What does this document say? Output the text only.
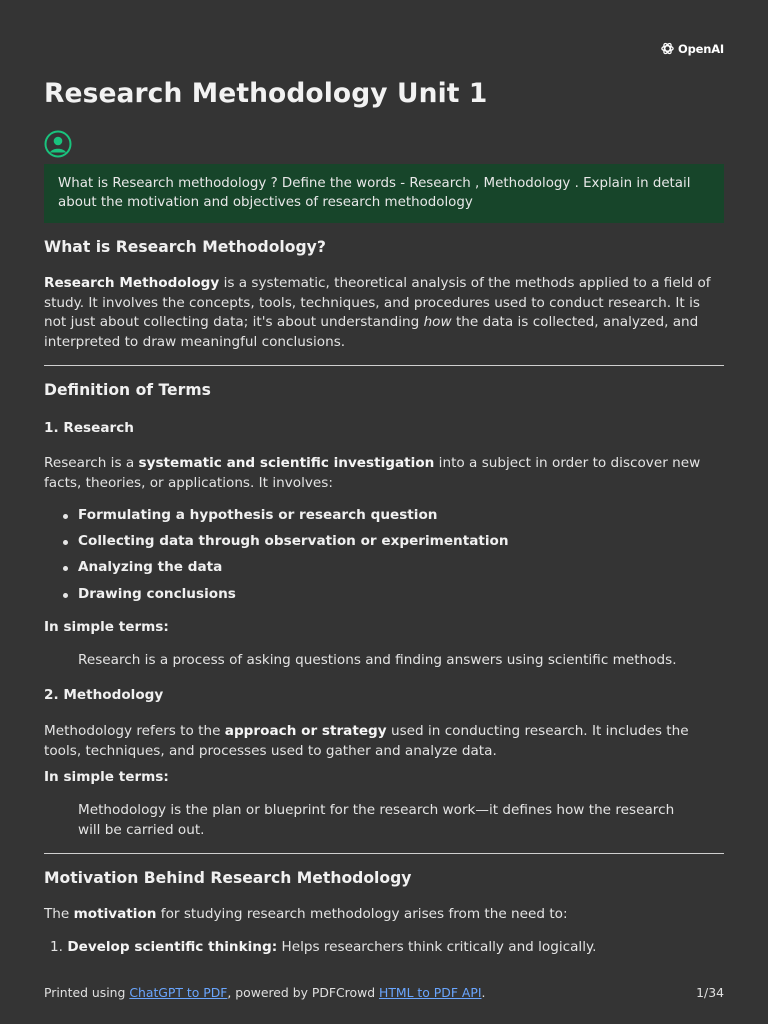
OpenAI
Research Methodology Unit 1
What is Research methodology ? Define the words - Research , Methodology . Explain in detail about the motivation and objectives of research methodology
What is Research Methodology?

Research Methodology is a systematic, theoretical analysis of the methods applied to a field of study. It involves the concepts, tools, techniques, and procedures used to conduct research. It is not just about collecting data; it's about understanding how the data is collected, analyzed, and interpreted to draw meaningful conclusions.

Definition of Terms
1. Research

Research is a systematic and scientific investigation into a subject in order to discover new facts, theories, or applications. It involves:

Formulating a hypothesis or research question
Collecting data through observation or experimentation
Analyzing the data
Drawing conclusions
In simple terms:

Research is a process of asking questions and finding answers using scientific methods.

2. Methodology

Methodology refers to the approach or strategy used in conducting research. It includes the tools, techniques, and processes used to gather and analyze data.

In simple terms:

Methodology is the plan or blueprint for the research work—it defines how the research will be carried out.

Motivation Behind Research Methodology

The motivation for studying research methodology arises from the need to:

1. Develop scientific thinking: Helps researchers think critically and logically.

Printed using ChatGPT to PDF, powered by PDFCrowd HTML to PDF API.	1/34
